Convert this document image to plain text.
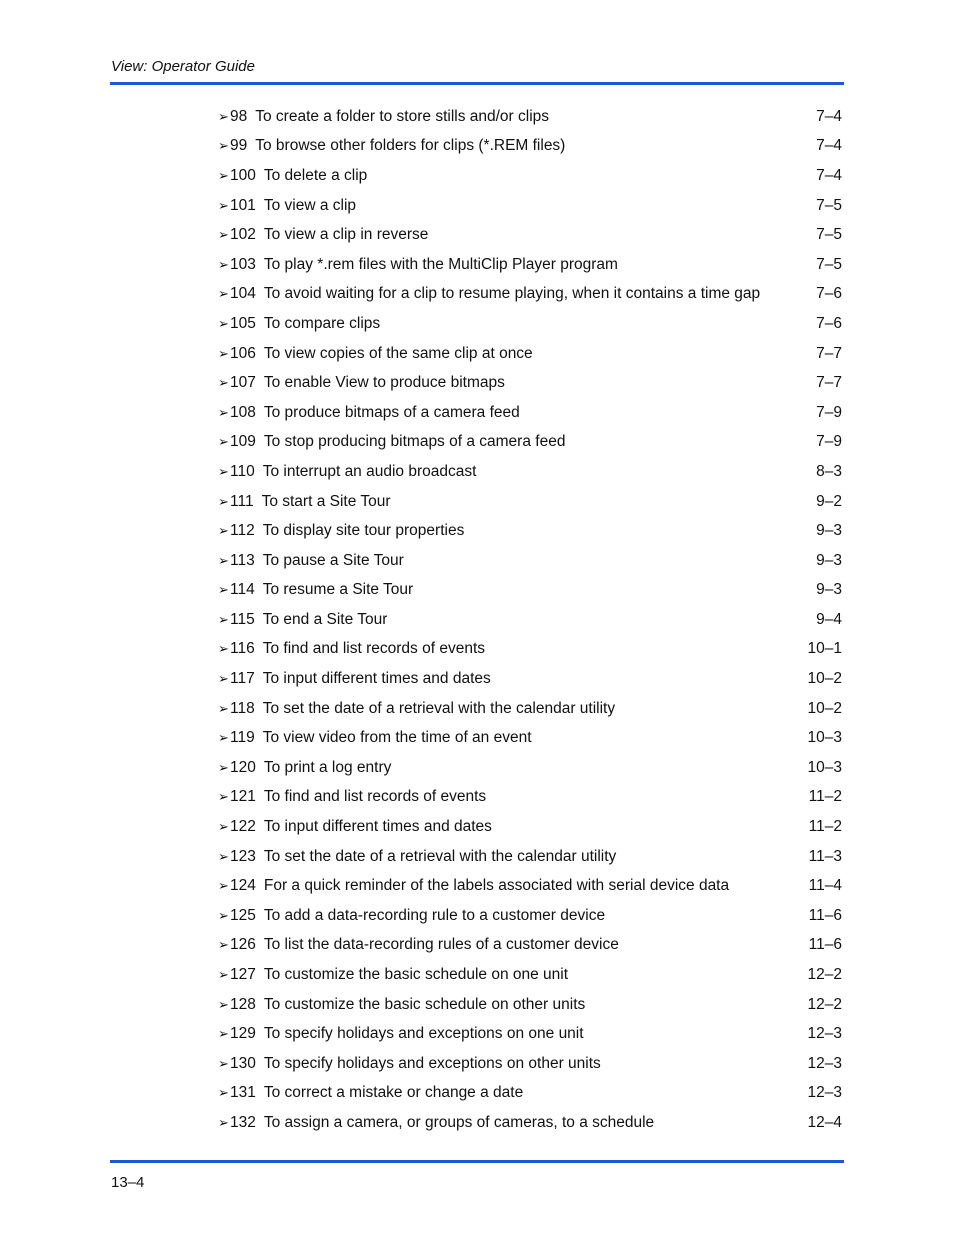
View: Operator Guide
➢ 98 To create a folder to store stills and/or clips	7–4
➢ 99 To browse other folders for clips (*.REM files)	7–4
➢ 100 To delete a clip	7–4
➢ 101 To view a clip	7–5
➢ 102 To view a clip in reverse	7–5
➢ 103 To play *.rem files with the MultiClip Player program	7–5
➢ 104 To avoid waiting for a clip to resume playing, when it contains a time gap	7–6
➢ 105 To compare clips	7–6
➢ 106 To view copies of the same clip at once	7–7
➢ 107 To enable View to produce bitmaps	7–7
➢ 108 To produce bitmaps of a camera feed	7–9
➢ 109 To stop producing bitmaps of a camera feed	7–9
➢ 110 To interrupt an audio broadcast	8–3
➢ 111 To start a Site Tour	9–2
➢ 112 To display site tour properties	9–3
➢ 113 To pause a Site Tour	9–3
➢ 114 To resume a Site Tour	9–3
➢ 115 To end a Site Tour	9–4
➢ 116 To find and list records of events	10–1
➢ 117 To input different times and dates	10–2
➢ 118 To set the date of a retrieval with the calendar utility	10–2
➢ 119 To view video from the time of an event	10–3
➢ 120 To print a log entry	10–3
➢ 121 To find and list records of events	11–2
➢ 122 To input different times and dates	11–2
➢ 123 To set the date of a retrieval with the calendar utility	11–3
➢ 124 For a quick reminder of the labels associated with serial device data	11–4
➢ 125 To add a data-recording rule to a customer device	11–6
➢ 126 To list the data-recording rules of a customer device	11–6
➢ 127 To customize the basic schedule on one unit	12–2
➢ 128 To customize the basic schedule on other units	12–2
➢ 129 To specify holidays and exceptions on one unit	12–3
➢ 130 To specify holidays and exceptions on other units	12–3
➢ 131 To correct a mistake or change a date	12–3
➢ 132 To assign a camera, or groups of cameras, to a schedule	12–4
13–4
